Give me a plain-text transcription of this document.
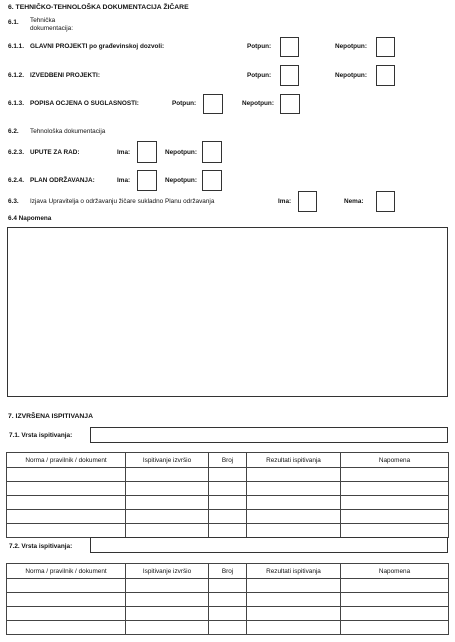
6. TEHNIČKO-TEHNOLOŠKA DOKUMENTACIJA ŽIČARE
6.1. Tehnička
dokumentacija:
6.1.1. GLAVNI PROJEKTI po građevinskoj dozvoli:	Potpun:	Nepotpun:
6.1.2. IZVEDBENI PROJEKTI:	Potpun:	Nepotpun:
6.1.3. POPISA OCJENA O SUGLASNOSTI:	Potpun:	Nepotpun:
6.2. Tehnološka dokumentacija
6.2.3. UPUTE ZA RAD:	Ima:	Nepotpun:
6.2.4. PLAN ODRŽAVANJA:	Ima:	Nepotpun:
6.3. Izjava Upravitelja o održavanju žičare sukladno Planu održavanja	Ima:	Nema:
6.4 Napomena
7. IZVRŠENA ISPITIVANJA
7.1. Vrsta ispitivanja:
Norma / pravilnik / dokument	Ispitivanje izvršio	Broj	Rezultati ispitivanja	Napomena

7.2. Vrsta ispitivanja:
Norma / pravilnik / dokument	Ispitivanje izvršio	Broj	Rezultati ispitivanja	Napomena
